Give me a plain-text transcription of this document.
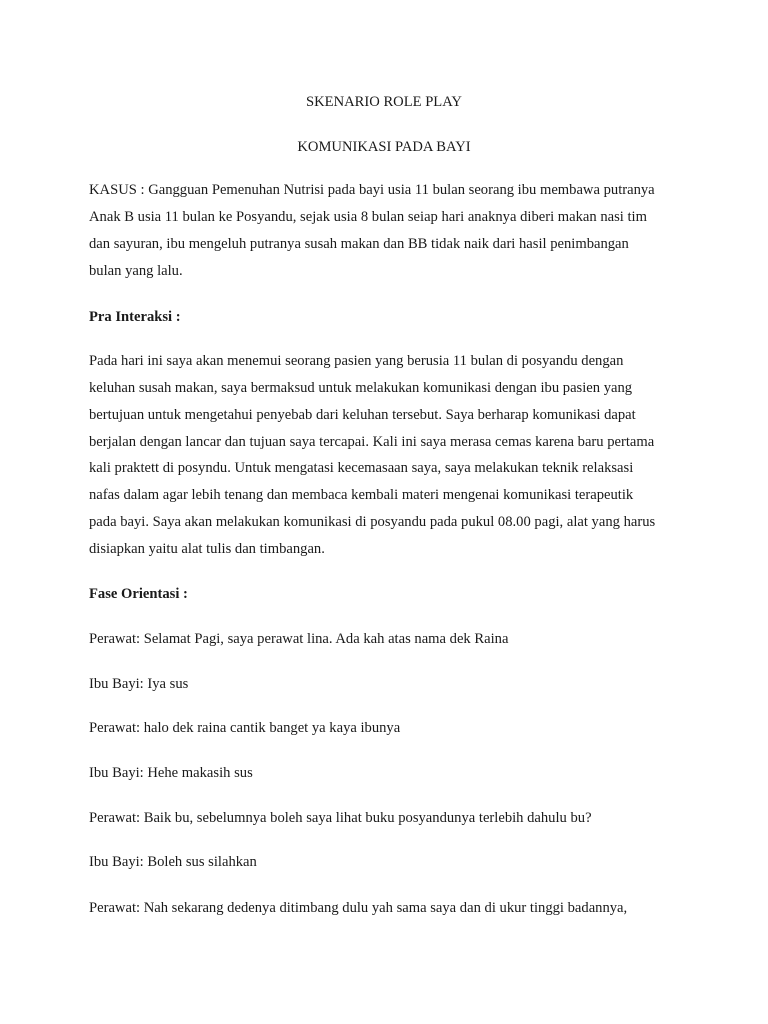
SKENARIO ROLE PLAY
KOMUNIKASI PADA BAYI
KASUS : Gangguan Pemenuhan Nutrisi pada bayi usia 11 bulan seorang ibu membawa putranya
Anak B usia 11 bulan ke Posyandu, sejak usia 8 bulan seiap hari anaknya diberi makan nasi tim
dan sayuran, ibu mengeluh putranya susah makan dan BB tidak naik dari hasil penimbangan
bulan yang lalu.
Pra Interaksi :
Pada hari ini saya akan menemui seorang pasien yang berusia 11 bulan di posyandu dengan
keluhan susah makan, saya bermaksud untuk melakukan komunikasi dengan ibu pasien yang
bertujuan untuk mengetahui penyebab dari keluhan tersebut. Saya berharap komunikasi dapat
berjalan dengan lancar dan tujuan saya tercapai. Kali ini saya merasa cemas karena baru pertama
kali praktett di posyndu. Untuk mengatasi kecemasaan saya, saya melakukan teknik relaksasi
nafas dalam agar lebih tenang dan membaca kembali materi mengenai komunikasi terapeutik
pada bayi. Saya akan melakukan komunikasi di posyandu pada pukul 08.00 pagi, alat yang harus
disiapkan yaitu alat tulis dan timbangan.
Fase Orientasi :
Perawat: Selamat Pagi, saya perawat lina. Ada kah atas nama dek Raina
Ibu Bayi: Iya sus
Perawat: halo dek raina cantik banget ya kaya ibunya
Ibu Bayi: Hehe makasih sus
Perawat: Baik bu, sebelumnya boleh saya lihat buku posyandunya terlebih dahulu bu?
Ibu Bayi: Boleh sus silahkan
Perawat: Nah sekarang dedenya ditimbang dulu yah sama saya dan di ukur tinggi badannya,
